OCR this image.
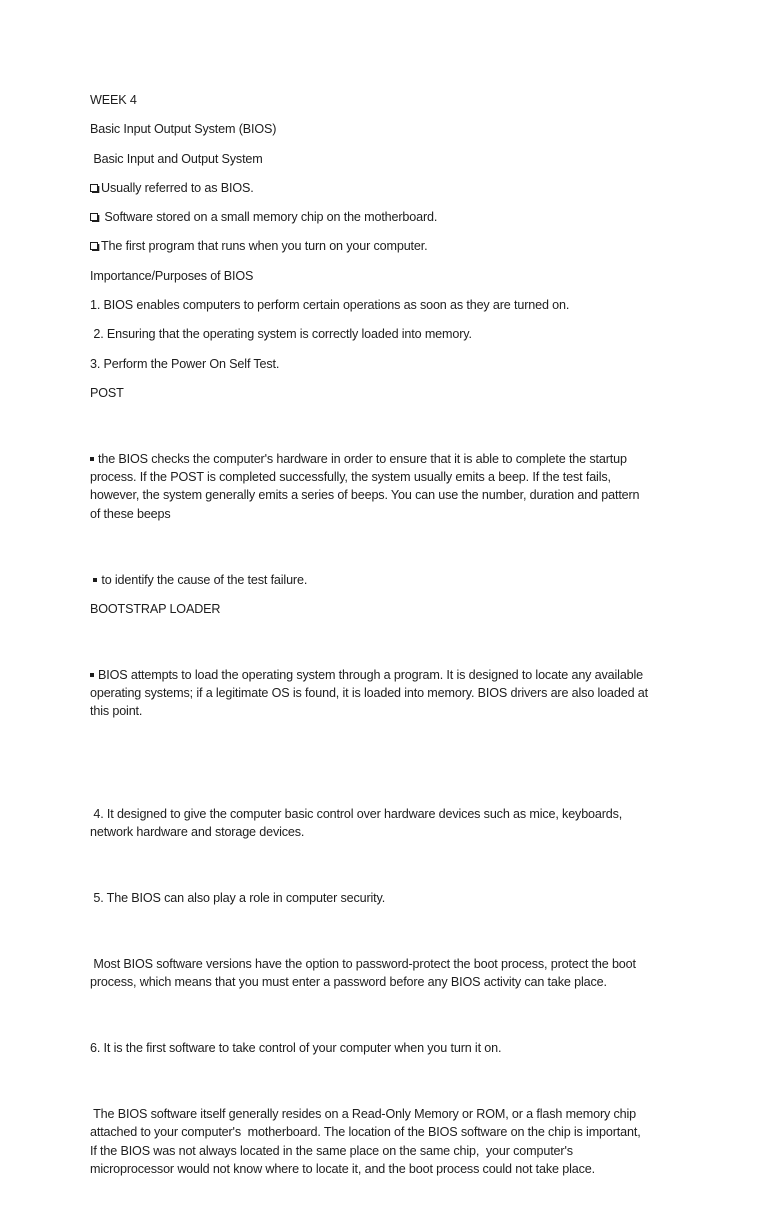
WEEK 4

Basic Input Output System (BIOS)

Basic Input and Output System

Usually referred to as BIOS.

Software stored on a small memory chip on the motherboard.

The first program that runs when you turn on your computer.

Importance/Purposes of BIOS

1. BIOS enables computers to perform certain operations as soon as they are turned on.

2. Ensuring that the operating system is correctly loaded into memory.

3. Perform the Power On Self Test.

POST

the BIOS checks the computer's hardware in order to ensure that it is able to complete the startup
process. If the POST is completed successfully, the system usually emits a beep. If the test fails,
however, the system generally emits a series of beeps. You can use the number, duration and pattern
of these beeps

to identify the cause of the test failure.

BOOTSTRAP LOADER

BIOS attempts to load the operating system through a program. It is designed to locate any available
operating systems; if a legitimate OS is found, it is loaded into memory. BIOS drivers are also loaded at
this point.

4. It designed to give the computer basic control over hardware devices such as mice, keyboards,
network hardware and storage devices.

5. The BIOS can also play a role in computer security.

Most BIOS software versions have the option to password-protect the boot process, protect the boot
process, which means that you must enter a password before any BIOS activity can take place.

6. It is the first software to take control of your computer when you turn it on.

The BIOS software itself generally resides on a Read-Only Memory or ROM, or a flash memory chip
attached to your computer's  motherboard. The location of the BIOS software on the chip is important,
If the BIOS was not always located in the same place on the same chip,  your computer's
microprocessor would not know where to locate it, and the boot process could not take place.
